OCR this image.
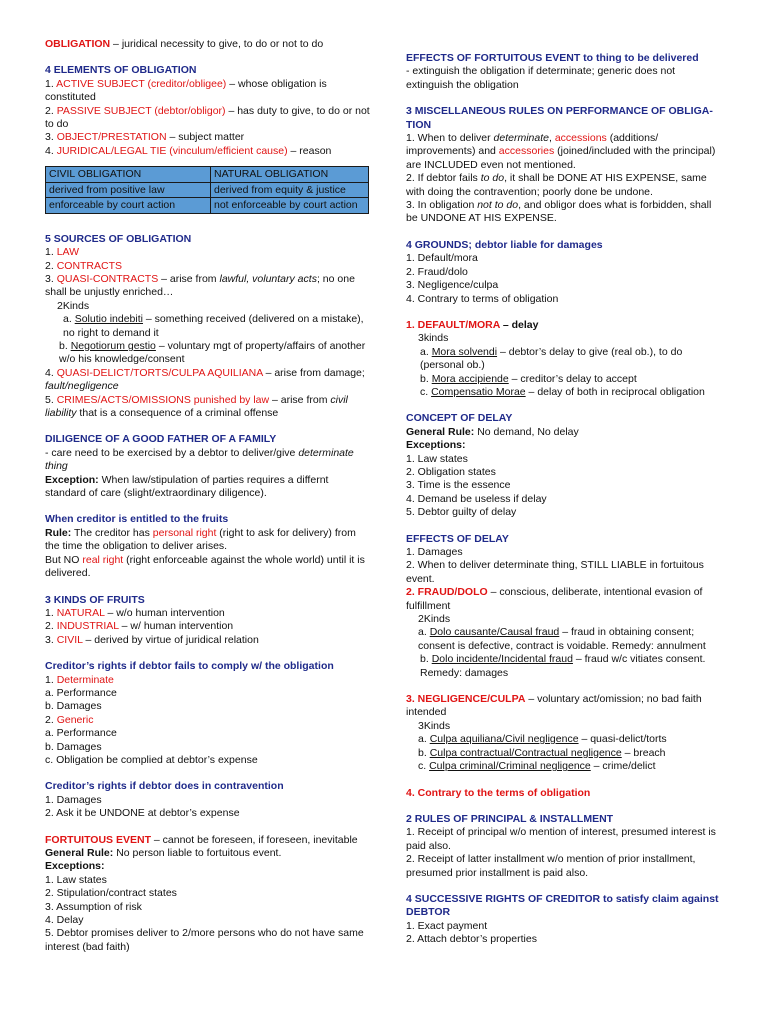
OBLIGATION – juridical necessity to give, to do or not to do

4 ELEMENTS OF OBLIGATION

1. ACTIVE SUBJECT (creditor/obligee) – whose obligation is constituted

2. PASSIVE SUBJECT (debtor/obligor) – has duty to give, to do or not to do

3. OBJECT/PRESTATION – subject matter

4. JURIDICAL/LEGAL TIE (vinculum/efficient cause) – reason

CIVIL OBLIGATION	NATURAL OBLIGATION
derived from positive law	derived from equity & justice
enforceable by court action	not enforceable by court action

5 SOURCES OF OBLIGATION

1. LAW

2. CONTRACTS

3. QUASI-CONTRACTS – arise from lawful, voluntary acts; no one shall be unjustly enriched…

2Kinds

a. Solutio indebiti – something received (delivered on a mistake), no right to demand it

b. Negotiorum gestio – voluntary mgt of property/affairs of another w/o his knowledge/consent

4. QUASI-DELICT/TORTS/CULPA AQUILIANA – arise from damage; fault/negligence

5. CRIMES/ACTS/OMISSIONS punished by law – arise from civil liability that is a consequence of a criminal offense

DILIGENCE OF A GOOD FATHER OF A FAMILY

- care need to be exercised by a debtor to deliver/give determinate thing

Exception: When law/stipulation of parties requires a differnt standard of care (slight/extraordinary diligence).

When creditor is entitled to the fruits

Rule: The creditor has personal right (right to ask for delivery) from the time the obligation to deliver arises.

But NO real right (right enforceable against the whole world) until it is delivered.

3 KINDS OF FRUITS

1. NATURAL – w/o human intervention

2. INDUSTRIAL – w/ human intervention

3. CIVIL – derived by virtue of juridical relation

Creditor’s rights if debtor fails to comply w/ the obligation

1. Determinate

a. Performance

b. Damages

2. Generic

a. Performance

b. Damages

c. Obligation be complied at debtor’s expense

Creditor’s rights if debtor does in contravention

1. Damages

2. Ask it be UNDONE at debtor’s expense

FORTUITOUS EVENT – cannot be foreseen, if foreseen, inevitable

General Rule: No person liable to fortuitous event.

Exceptions:

1. Law states

2. Stipulation/contract states

3. Assumption of risk

4. Delay

5. Debtor promises deliver to 2/more persons who do not have same interest (bad faith)

EFFECTS OF FORTUITOUS EVENT to thing to be delivered

- extinguish the obligation if determinate; generic does not extinguish the obligation

3 MISCELLANEOUS RULES ON PERFORMANCE OF OBLIGA-TION

1. When to deliver determinate, accessions (additions/ improvements) and accessories (joined/included with the principal) are INCLUDED even not mentioned.

2. If debtor fails to do, it shall be DONE AT HIS EXPENSE, same with doing the contravention; poorly done be undone.

3. In obligation not to do, and obligor does what is forbidden, shall be UNDONE AT HIS EXPENSE.

4 GROUNDS; debtor liable for damages

1. Default/mora

2. Fraud/dolo

3. Negligence/culpa

4. Contrary to terms of obligation

1. DEFAULT/MORA – delay

3kinds

a. Mora solvendi – debtor’s delay to give (real ob.), to do (personal ob.)

b. Mora accipiende – creditor’s delay to accept

c. Compensatio Morae – delay of both in reciprocal obligation

CONCEPT OF DELAY

General Rule: No demand, No delay

Exceptions:

1. Law states

2. Obligation states

3. Time is the essence

4. Demand be useless if delay

5. Debtor guilty of delay

EFFECTS OF DELAY

1. Damages

2. When to deliver determinate thing, STILL LIABLE in fortuitous event.

2. FRAUD/DOLO – conscious, deliberate, intentional evasion of fulfillment

2Kinds

a. Dolo causante/Causal fraud – fraud in obtaining consent; consent is defective, contract is voidable. Remedy: annulment

b. Dolo incidente/Incidental fraud – fraud w/c vitiates consent. Remedy: damages

3. NEGLIGENCE/CULPA – voluntary act/omission; no bad faith intended

3Kinds

a. Culpa aquiliana/Civil negligence – quasi-delict/torts

b. Culpa contractual/Contractual negligence – breach

c. Culpa criminal/Criminal negligence – crime/delict

4. Contrary to the terms of obligation

2 RULES OF PRINCIPAL & INSTALLMENT

1. Receipt of principal w/o mention of interest, presumed interest is paid also.

2. Receipt of latter installment w/o mention of prior installment, presumed prior installment is paid also.

4 SUCCESSIVE RIGHTS OF CREDITOR to satisfy claim against DEBTOR

1. Exact payment

2. Attach debtor’s properties
